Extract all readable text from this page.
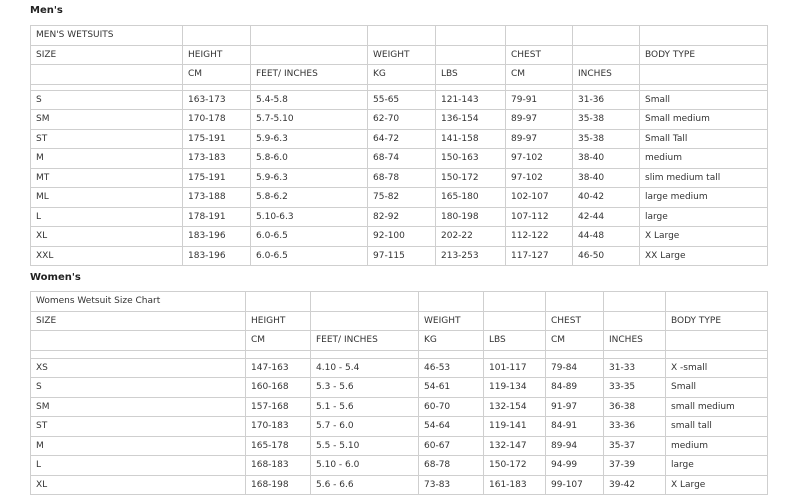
Men's
MEN'S WETSUITS							
SIZE	HEIGHT		WEIGHT		CHEST		BODY TYPE
	CM	FEET/ INCHES	KG	LBS	CM	INCHES	

S	163-173	5.4-5.8	55-65	121-143	79-91	31-36	Small
SM	170-178	5.7-5.10	62-70	136-154	89-97	35-38	Small medium
ST	175-191	5.9-6.3	64-72	141-158	89-97	35-38	Small Tall
M	173-183	5.8-6.0	68-74	150-163	97-102	38-40	medium
MT	175-191	5.9-6.3	68-78	150-172	97-102	38-40	slim medium tall
ML	173-188	5.8-6.2	75-82	165-180	102-107	40-42	large medium
L	178-191	5.10-6.3	82-92	180-198	107-112	42-44	large
XL	183-196	6.0-6.5	92-100	202-22	112-122	44-48	X Large
XXL	183-196	6.0-6.5	97-115	213-253	117-127	46-50	XX Large
Women's
Womens Wetsuit Size Chart							
SIZE	HEIGHT		WEIGHT		CHEST		BODY TYPE
	CM	FEET/ INCHES	KG	LBS	CM	INCHES	

XS	147-163	4.10 - 5.4	46-53	101-117	79-84	31-33	X -small
S	160-168	5.3 - 5.6	54-61	119-134	84-89	33-35	Small
SM	157-168	5.1 - 5.6	60-70	132-154	91-97	36-38	small medium
ST	170-183	5.7 - 6.0	54-64	119-141	84-91	33-36	small tall
M	165-178	5.5 - 5.10	60-67	132-147	89-94	35-37	medium
L	168-183	5.10 - 6.0	68-78	150-172	94-99	37-39	large
XL	168-198	5.6 - 6.6	73-83	161-183	99-107	39-42	X Large
